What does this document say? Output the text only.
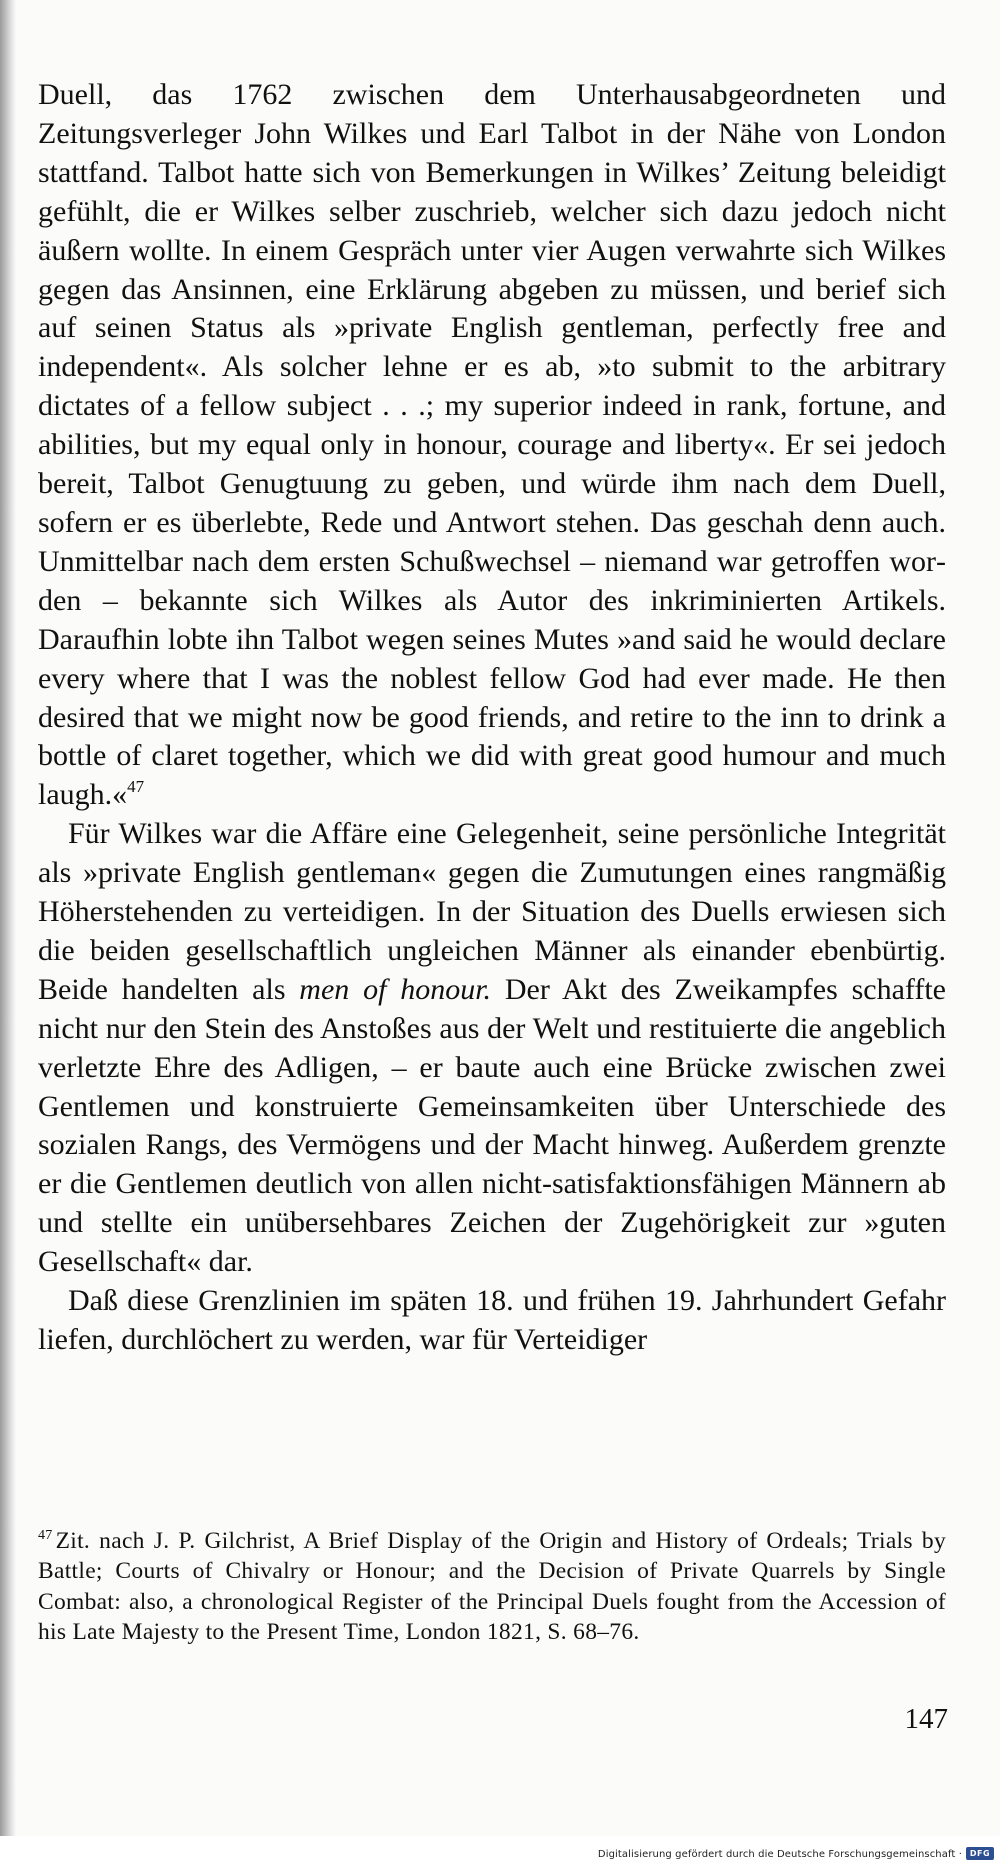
Duell, das 1762 zwischen dem Unterhausabgeordneten und Zeitungsverleger John Wilkes und Earl Talbot in der Nähe von London stattfand. Talbot hatte sich von Bemerkungen in Wilkes’ Zeitung beleidigt gefühlt, die er Wilkes selber zuschrieb, welcher sich dazu jedoch nicht äußern wollte. In einem Gespräch unter vier Augen verwahrte sich Wilkes gegen das Ansinnen, eine Erklärung abgeben zu müssen, und berief sich auf seinen Status als »private English gentleman, perfectly free and independent«. Als solcher lehne er es ab, »to submit to the arbitrary dictates of a fellow subject . . .; my superior indeed in rank, fortune, and abilities, but my equal only in honour, courage and liberty«. Er sei jedoch bereit, Talbot Genugtuung zu geben, und würde ihm nach dem Duell, sofern er es überlebte, Rede und Antwort stehen. Das geschah denn auch. Unmittelbar nach dem ersten Schußwechsel – niemand war getroffen worden – bekannte sich Wilkes als Autor des inkriminierten Artikels. Daraufhin lobte ihn Talbot wegen seines Mutes »and said he would declare every where that I was the noblest fellow God had ever made. He then desired that we might now be good friends, and retire to the inn to drink a bottle of claret together, which we did with great good humour and much laugh.«$^{47}$

Für Wilkes war die Affäre eine Gelegenheit, seine persönliche Integrität als »private English gentleman« gegen die Zumutungen eines rangmäßig Höherstehenden zu verteidigen. In der Situation des Duells erwiesen sich die beiden gesellschaftlich ungleichen Männer als einander ebenbürtig. Beide handelten als men of honour. Der Akt des Zweikampfes schaffte nicht nur den Stein des Anstoßes aus der Welt und restituierte die angeblich verletzte Ehre des Adligen, – er baute auch eine Brücke zwischen zwei Gentlemen und konstruierte Gemeinsamkeiten über Unterschiede des sozialen Rangs, des Vermögens und der Macht hinweg. Außerdem grenzte er die Gentlemen deutlich von allen nicht-satisfaktionsfähigen Männern ab und stellte ein unübersehbares Zeichen der Zugehörigkeit zur »guten Gesellschaft« dar.

Daß diese Grenzlinien im späten 18. und frühen 19. Jahrhundert Gefahr liefen, durchlöchert zu werden, war für Verteidiger

$^{47}$ Zit. nach J. P. Gilchrist, A Brief Display of the Origin and History of Ordeals; Trials by Battle; Courts of Chivalry or Honour; and the Decision of Private Quarrels by Single Combat: also, a chronological Register of the Principal Duels fought from the Accession of his Late Majesty to the Present Time, London 1821, S. 68–76.
147
Digitalisierung gefördert durch die Deutsche Forschungsgemeinschaft · DFG
